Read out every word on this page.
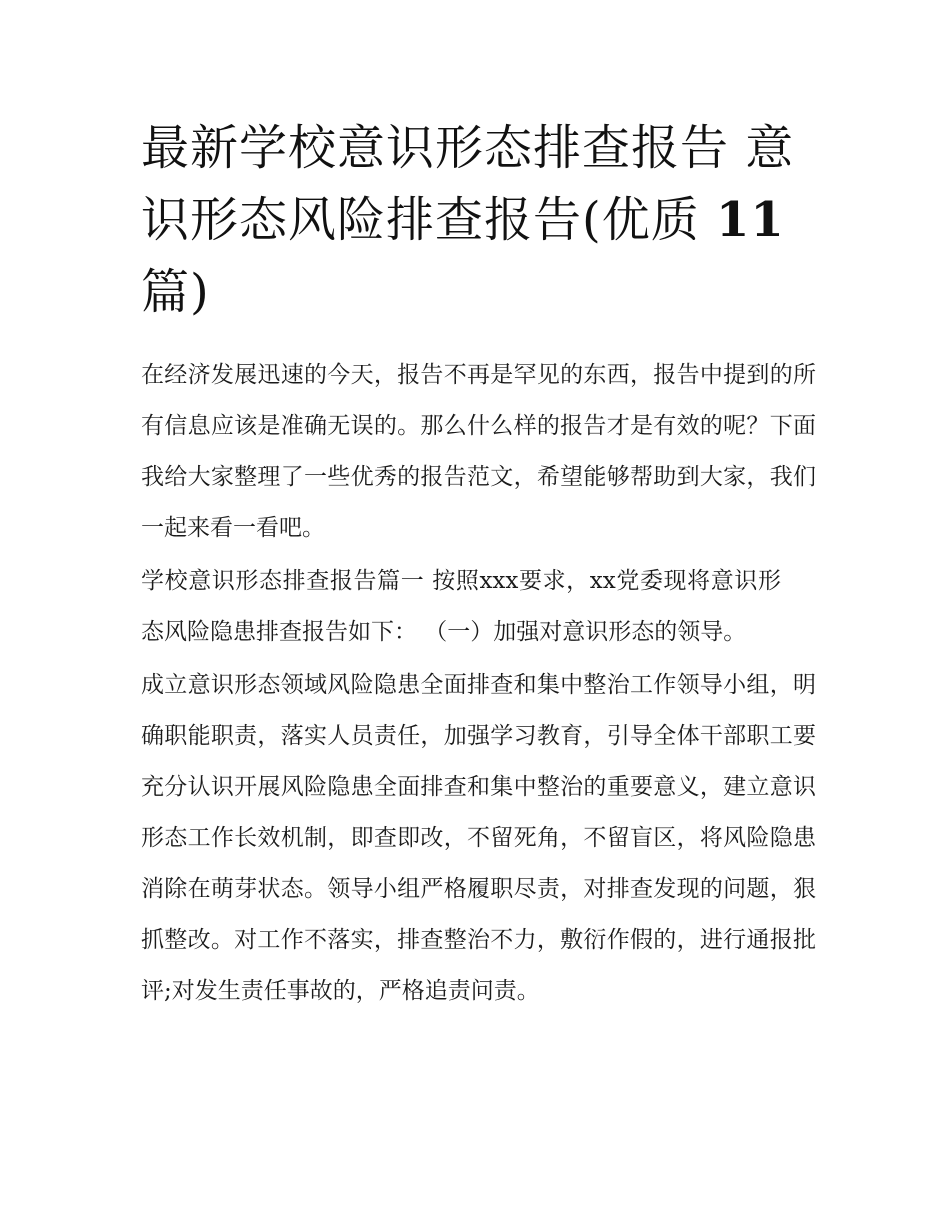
最新学校意识形态排查报告 意
识形态风险排查报告(优质 11
篇)

在经济发展迅速的今天，报告不再是罕见的东西，报告中提到的所有信息应该是准确无误的。那么什么样的报告才是有效的呢？下面我给大家整理了一些优秀的报告范文，希望能够帮助到大家，我们一起来看一看吧。

学校意识形态排查报告篇一 按照xxx要求，xx党委现将意识形态风险隐患排查报告如下： （一）加强对意识形态的领导。

成立意识形态领域风险隐患全面排查和集中整治工作领导小组，明确职能职责，落实人员责任，加强学习教育，引导全体干部职工要充分认识开展风险隐患全面排查和集中整治的重要意义，建立意识形态工作长效机制，即查即改，不留死角，不留盲区，将风险隐患消除在萌芽状态。领导小组严格履职尽责，对排查发现的问题，狠抓整改。对工作不落实，排查整治不力，敷衍作假的，进行通报批评;对发生责任事故的，严格追责问责。
